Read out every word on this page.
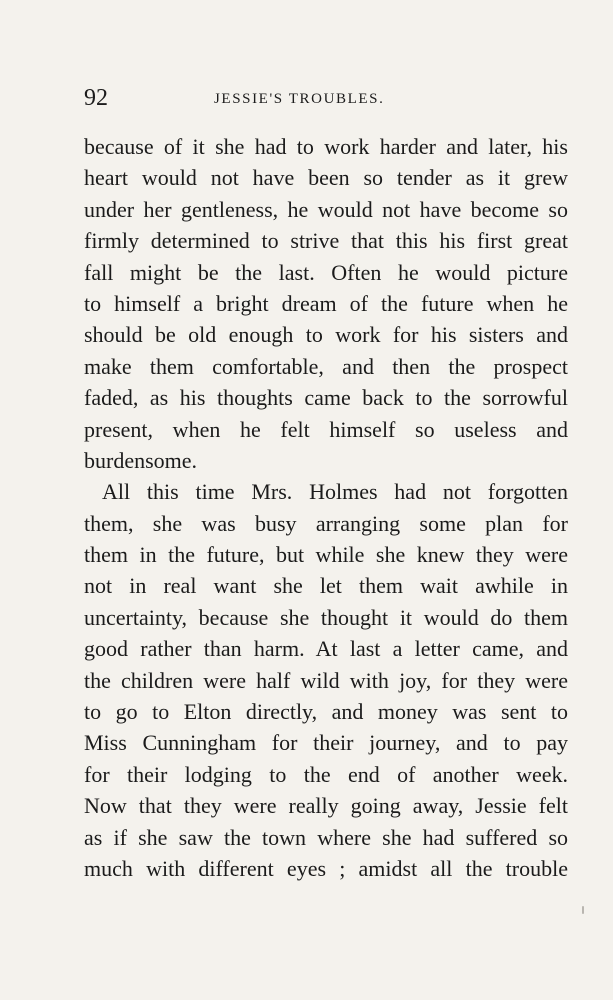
92	JESSIE'S TROUBLES.
because of it she had to work harder and later, his
heart would not have been so tender as it grew
under her gentleness, he would not have become so
firmly determined to strive that this his first great
fall might be the last. Often he would picture
to himself a bright dream of the future when he
should be old enough to work for his sisters and
make them comfortable, and then the prospect
faded, as his thoughts came back to the sorrowful
present, when he felt himself so useless and
burdensome.
All this time Mrs. Holmes had not forgotten
them, she was busy arranging some plan for
them in the future, but while she knew they were
not in real want she let them wait awhile in
uncertainty, because she thought it would do them
good rather than harm. At last a letter came, and
the children were half wild with joy, for they were
to go to Elton directly, and money was sent to
Miss Cunningham for their journey, and to pay
for their lodging to the end of another week.
Now that they were really going away, Jessie felt
as if she saw the town where she had suffered so
much with different eyes ; amidst all the trouble
